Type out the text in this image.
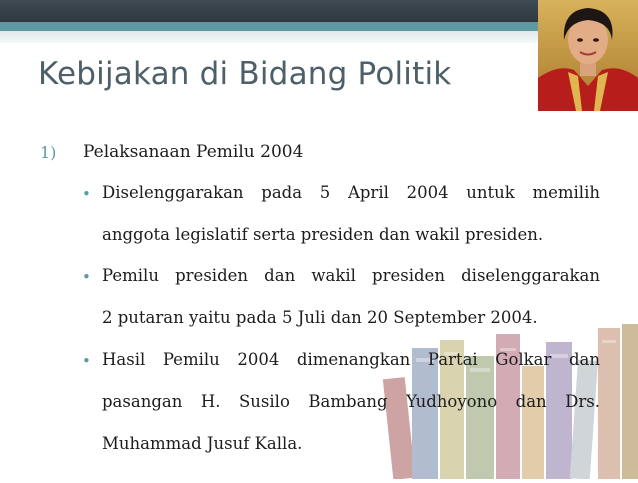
Kebijakan di Bidang Politik
1) Pelaksanaan Pemilu 2004
• Diselenggarakan pada 5 April 2004 untuk memilih
anggota legislatif serta presiden dan wakil presiden.
• Pemilu presiden dan wakil presiden diselenggarakan
2 putaran yaitu pada 5 Juli dan 20 September 2004.
• Hasil Pemilu 2004 dimenangkan Partai Golkar dan
pasangan H. Susilo Bambang Yudhoyono dan Drs.
Muhammad Jusuf Kalla.
